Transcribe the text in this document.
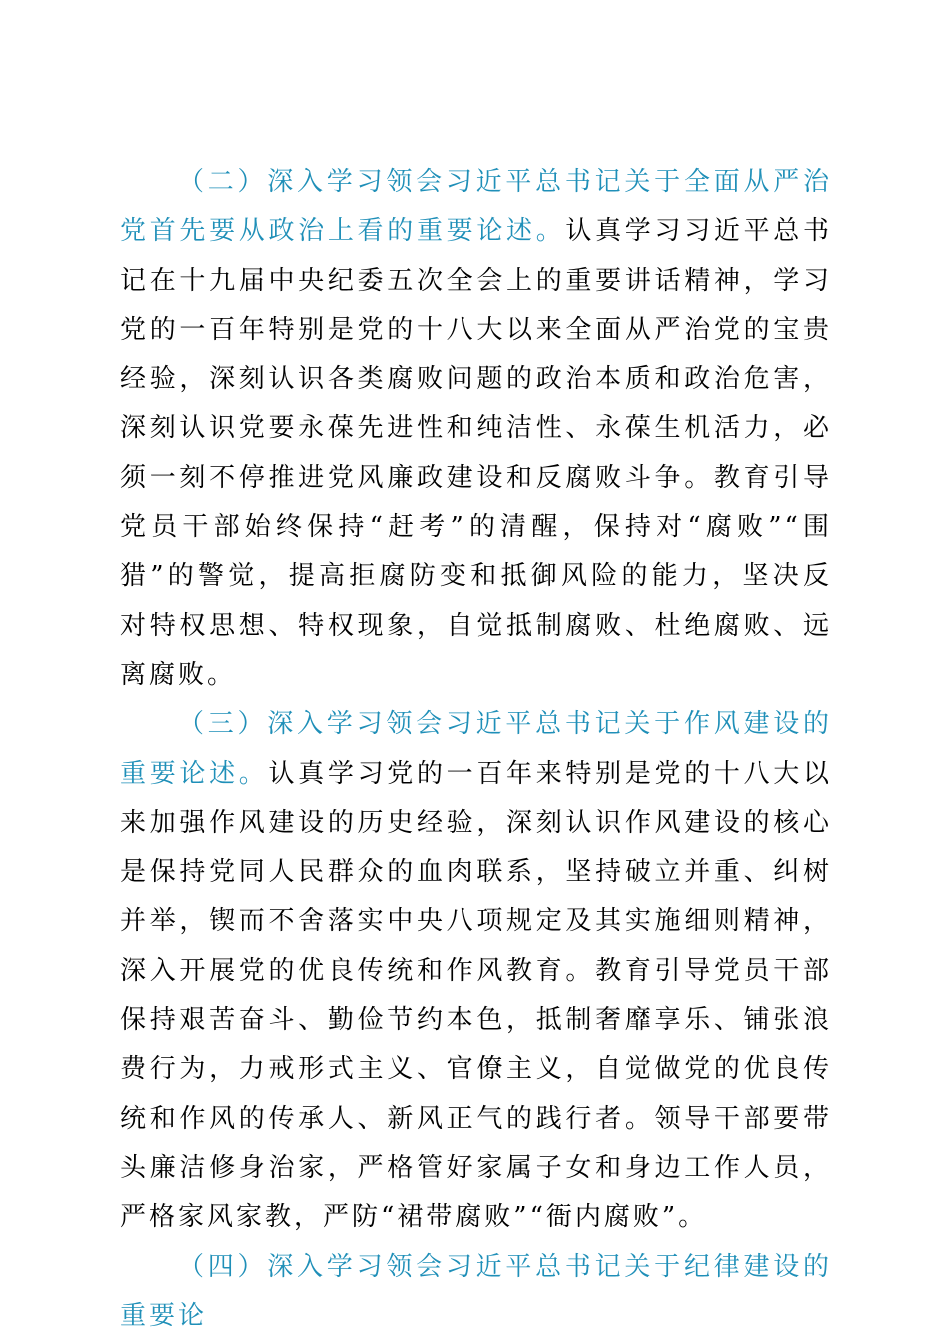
（二）深入学习领会习近平总书记关于全面从严治党首先要从政治上看的重要论述。认真学习习近平总书记在十九届中央纪委五次全会上的重要讲话精神，学习党的一百年特别是党的十八大以来全面从严治党的宝贵经验，深刻认识各类腐败问题的政治本质和政治危害，深刻认识党要永葆先进性和纯洁性、永葆生机活力，必须一刻不停推进党风廉政建设和反腐败斗争。教育引导党员干部始终保持“赶考”的清醒，保持对“腐败”“围猎”的警觉，提高拒腐防变和抵御风险的能力，坚决反对特权思想、特权现象，自觉抵制腐败、杜绝腐败、远离腐败。

（三）深入学习领会习近平总书记关于作风建设的重要论述。认真学习党的一百年来特别是党的十八大以来加强作风建设的历史经验，深刻认识作风建设的核心是保持党同人民群众的血肉联系，坚持破立并重、纠树并举，锲而不舍落实中央八项规定及其实施细则精神，深入开展党的优良传统和作风教育。教育引导党员干部保持艰苦奋斗、勤俭节约本色，抵制奢靡享乐、铺张浪费行为，力戒形式主义、官僚主义，自觉做党的优良传统和作风的传承人、新风正气的践行者。领导干部要带头廉洁修身治家，严格管好家属子女和身边工作人员，严格家风家教，严防“裙带腐败”“衙内腐败”。

（四）深入学习领会习近平总书记关于纪律建设的重要论
